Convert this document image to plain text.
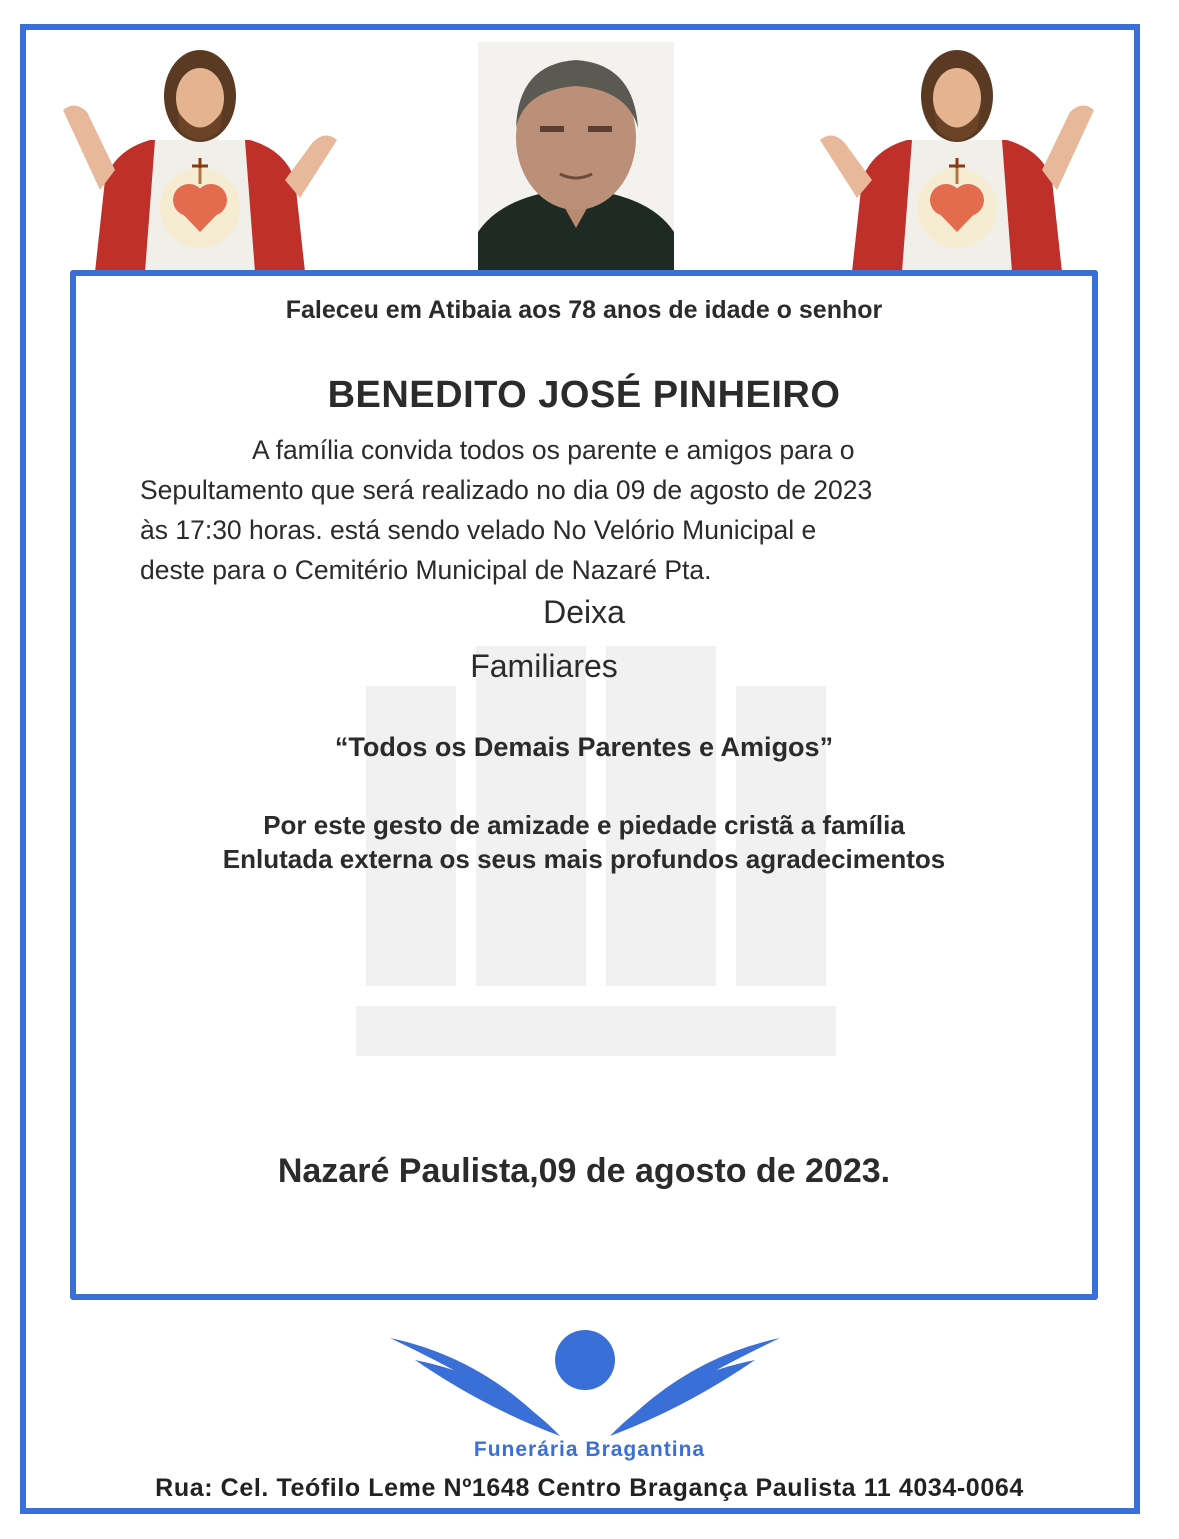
Faleceu em Atibaia aos 78 anos de idade o senhor

BENEDITO JOSÉ PINHEIRO

A família convida todos os parente e amigos para o
Sepultamento que será realizado no dia 09 de agosto de 2023
às 17:30 horas. está sendo velado No Velório Municipal e
deste para o Cemitério Municipal de Nazaré Pta.

Deixa

Familiares

“Todos os Demais Parentes e Amigos”

Por este gesto de amizade e piedade cristã a família
Enlutada externa os seus mais profundos agradecimentos

Nazaré Paulista,09 de agosto de 2023.

Funerária Bragantina

Rua: Cel. Teófilo Leme Nº1648 Centro Bragança Paulista 11 4034-0064
